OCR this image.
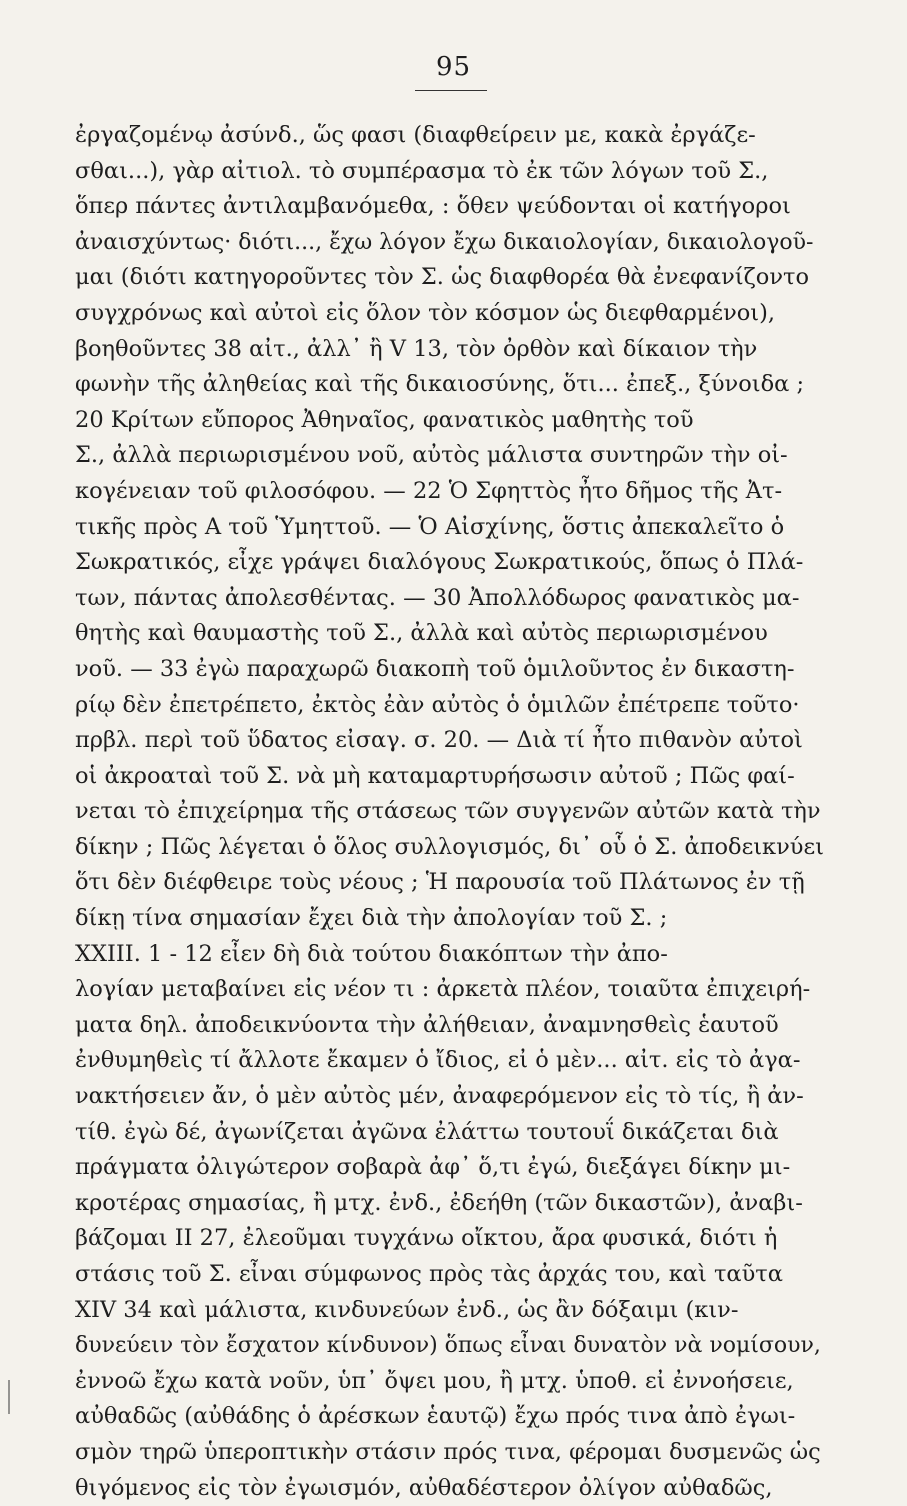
95
ἐργαζομένῳ ἀσύνδ., ὥς φασι (διαφθείρειν με, κακὰ ἐργάζε-
σθαι...), γὰρ αἰτιολ. τὸ συμπέρασμα τὸ ἐκ τῶν λόγων τοῦ Σ.,
ὅπερ πάντες ἀντιλαμβανόμεθα, : ὅθεν ψεύδονται οἱ κατήγοροι
ἀναισχύντως· διότι..., ἔχω λόγον ἔχω δικαιολογίαν, δικαιολογοῦ-
μαι (διότι κατηγοροῦντες τὸν Σ. ὡς διαφθορέα θὰ ἐνεφανίζοντο
συγχρόνως καὶ αὐτοὶ εἰς ὅλον τὸν κόσμον ὡς διεφθαρμένοι),
βοηθοῦντες 38 αἰτ., ἀλλ᾽ ἢ V 13, τὸν ὀρθὸν καὶ δίκαιον τὴν
φωνὴν τῆς ἀληθείας καὶ τῆς δικαιοσύνης, ὅτι... ἐπεξ., ξύνοιδα ;
20 Κρίτων εὔπορος Ἀθηναῖος, φανατικὸς μαθητὴς τοῦ
Σ., ἀλλὰ περιωρισμένου νοῦ, αὐτὸς μάλιστα συντηρῶν τὴν οἰ-
κογένειαν τοῦ φιλοσόφου. — 22 Ὁ Σφηττὸς ἦτο δῆμος τῆς Ἀτ-
τικῆς πρὸς Α τοῦ Ὑμηττοῦ. — Ὁ Αἰσχίνης, ὅστις ἀπεκαλεῖτο ὁ
Σωκρατικός, εἶχε γράψει διαλόγους Σωκρατικούς, ὅπως ὁ Πλά-
των, πάντας ἀπολεσθέντας. — 30 Ἀπολλόδωρος φανατικὸς μα-
θητὴς καὶ θαυμαστὴς τοῦ Σ., ἀλλὰ καὶ αὐτὸς περιωρισμένου
νοῦ. — 33 ἐγὼ παραχωρῶ διακοπὴ τοῦ ὁμιλοῦντος ἐν δικαστη-
ρίῳ δὲν ἐπετρέπετο, ἐκτὸς ἐὰν αὐτὸς ὁ ὁμιλῶν ἐπέτρεπε τοῦτο·
πρβλ. περὶ τοῦ ὕδατος εἰσαγ. σ. 20. — Διὰ τί ἦτο πιθανὸν αὐτοὶ
οἱ ἀκροαταὶ τοῦ Σ. νὰ μὴ καταμαρτυρήσωσιν αὐτοῦ ; Πῶς φαί-
νεται τὸ ἐπιχείρημα τῆς στάσεως τῶν συγγενῶν αὐτῶν κατὰ τὴν
δίκην ; Πῶς λέγεται ὁ ὅλος συλλογισμός, δι᾽ οὗ ὁ Σ. ἀποδεικνύει
ὅτι δὲν διέφθειρε τοὺς νέους ; Ἡ παρουσία τοῦ Πλάτωνος ἐν τῇ
δίκῃ τίνα σημασίαν ἔχει διὰ τὴν ἀπολογίαν τοῦ Σ. ;
XXIII. 1 - 12 εἶεν δὴ διὰ τούτου διακόπτων τὴν ἀπο-
λογίαν μεταβαίνει εἰς νέον τι : ἀρκετὰ πλέον, τοιαῦτα ἐπιχειρή-
ματα δηλ. ἀποδεικνύοντα τὴν ἀλήθειαν, ἀναμνησθεὶς ἑαυτοῦ
ἐνθυμηθεὶς τί ἄλλοτε ἔκαμεν ὁ ἴδιος, εἰ ὁ μὲν... αἰτ. εἰς τὸ ἀγα-
νακτήσειεν ἄν, ὁ μὲν αὐτὸς μέν, ἀναφερόμενον εἰς τὸ τίς, ἢ ἀν-
τίθ. ἐγὼ δέ, ἀγωνίζεται ἀγῶνα ἐλάττω τουτουΐ δικάζεται διὰ
πράγματα ὀλιγώτερον σοβαρὰ ἀφ᾽ ὅ,τι ἐγώ, διεξάγει δίκην μι-
κροτέρας σημασίας, ἢ μτχ. ἐνδ., ἐδεήθη (τῶν δικαστῶν), ἀναβι-
βάζομαι ΙΙ 27, ἐλεοῦμαι τυγχάνω οἴκτου, ἄρα φυσικά, διότι ἡ
στάσις τοῦ Σ. εἶναι σύμφωνος πρὸς τὰς ἀρχάς του, καὶ ταῦτα
XIV 34 καὶ μάλιστα, κινδυνεύων ἐνδ., ὡς ἂν δόξαιμι (κιν-
δυνεύειν τὸν ἔσχατον κίνδυνον) ὅπως εἶναι δυνατὸν νὰ νομίσουν,
ἐννοῶ ἔχω κατὰ νοῦν, ὑπ᾽ ὄψει μου, ἢ μτχ. ὑποθ. εἰ ἐννοήσειε,
αὐθαδῶς (αὐθάδης ὁ ἀρέσκων ἑαυτῷ) ἔχω πρός τινα ἀπὸ ἐγωι-
σμὸν τηρῶ ὑπεροπτικὴν στάσιν πρός τινα, φέρομαι δυσμενῶς ὡς
θιγόμενος εἰς τὸν ἐγωισμόν, αὐθαδέστερον ὀλίγον αὐθαδῶς,
